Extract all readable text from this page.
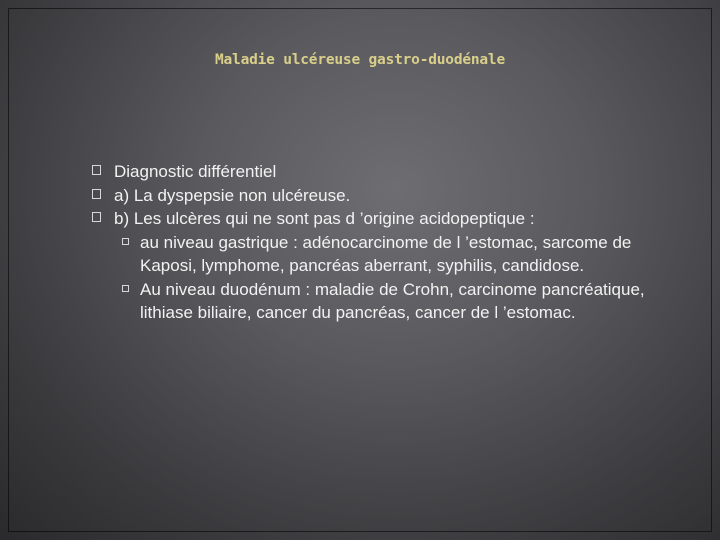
Maladie ulcéreuse gastro-duodénale
Diagnostic différentiel
a) La dyspepsie non ulcéreuse.
b) Les ulcères qui ne sont pas d ’origine acidopeptique :
au niveau gastrique : adénocarcinome de l ’estomac, sarcome de Kaposi, lymphome, pancréas aberrant, syphilis, candidose.
Au niveau duodénum : maladie de Crohn, carcinome pancréatique, lithiase biliaire, cancer du pancréas, cancer de l ’estomac.
